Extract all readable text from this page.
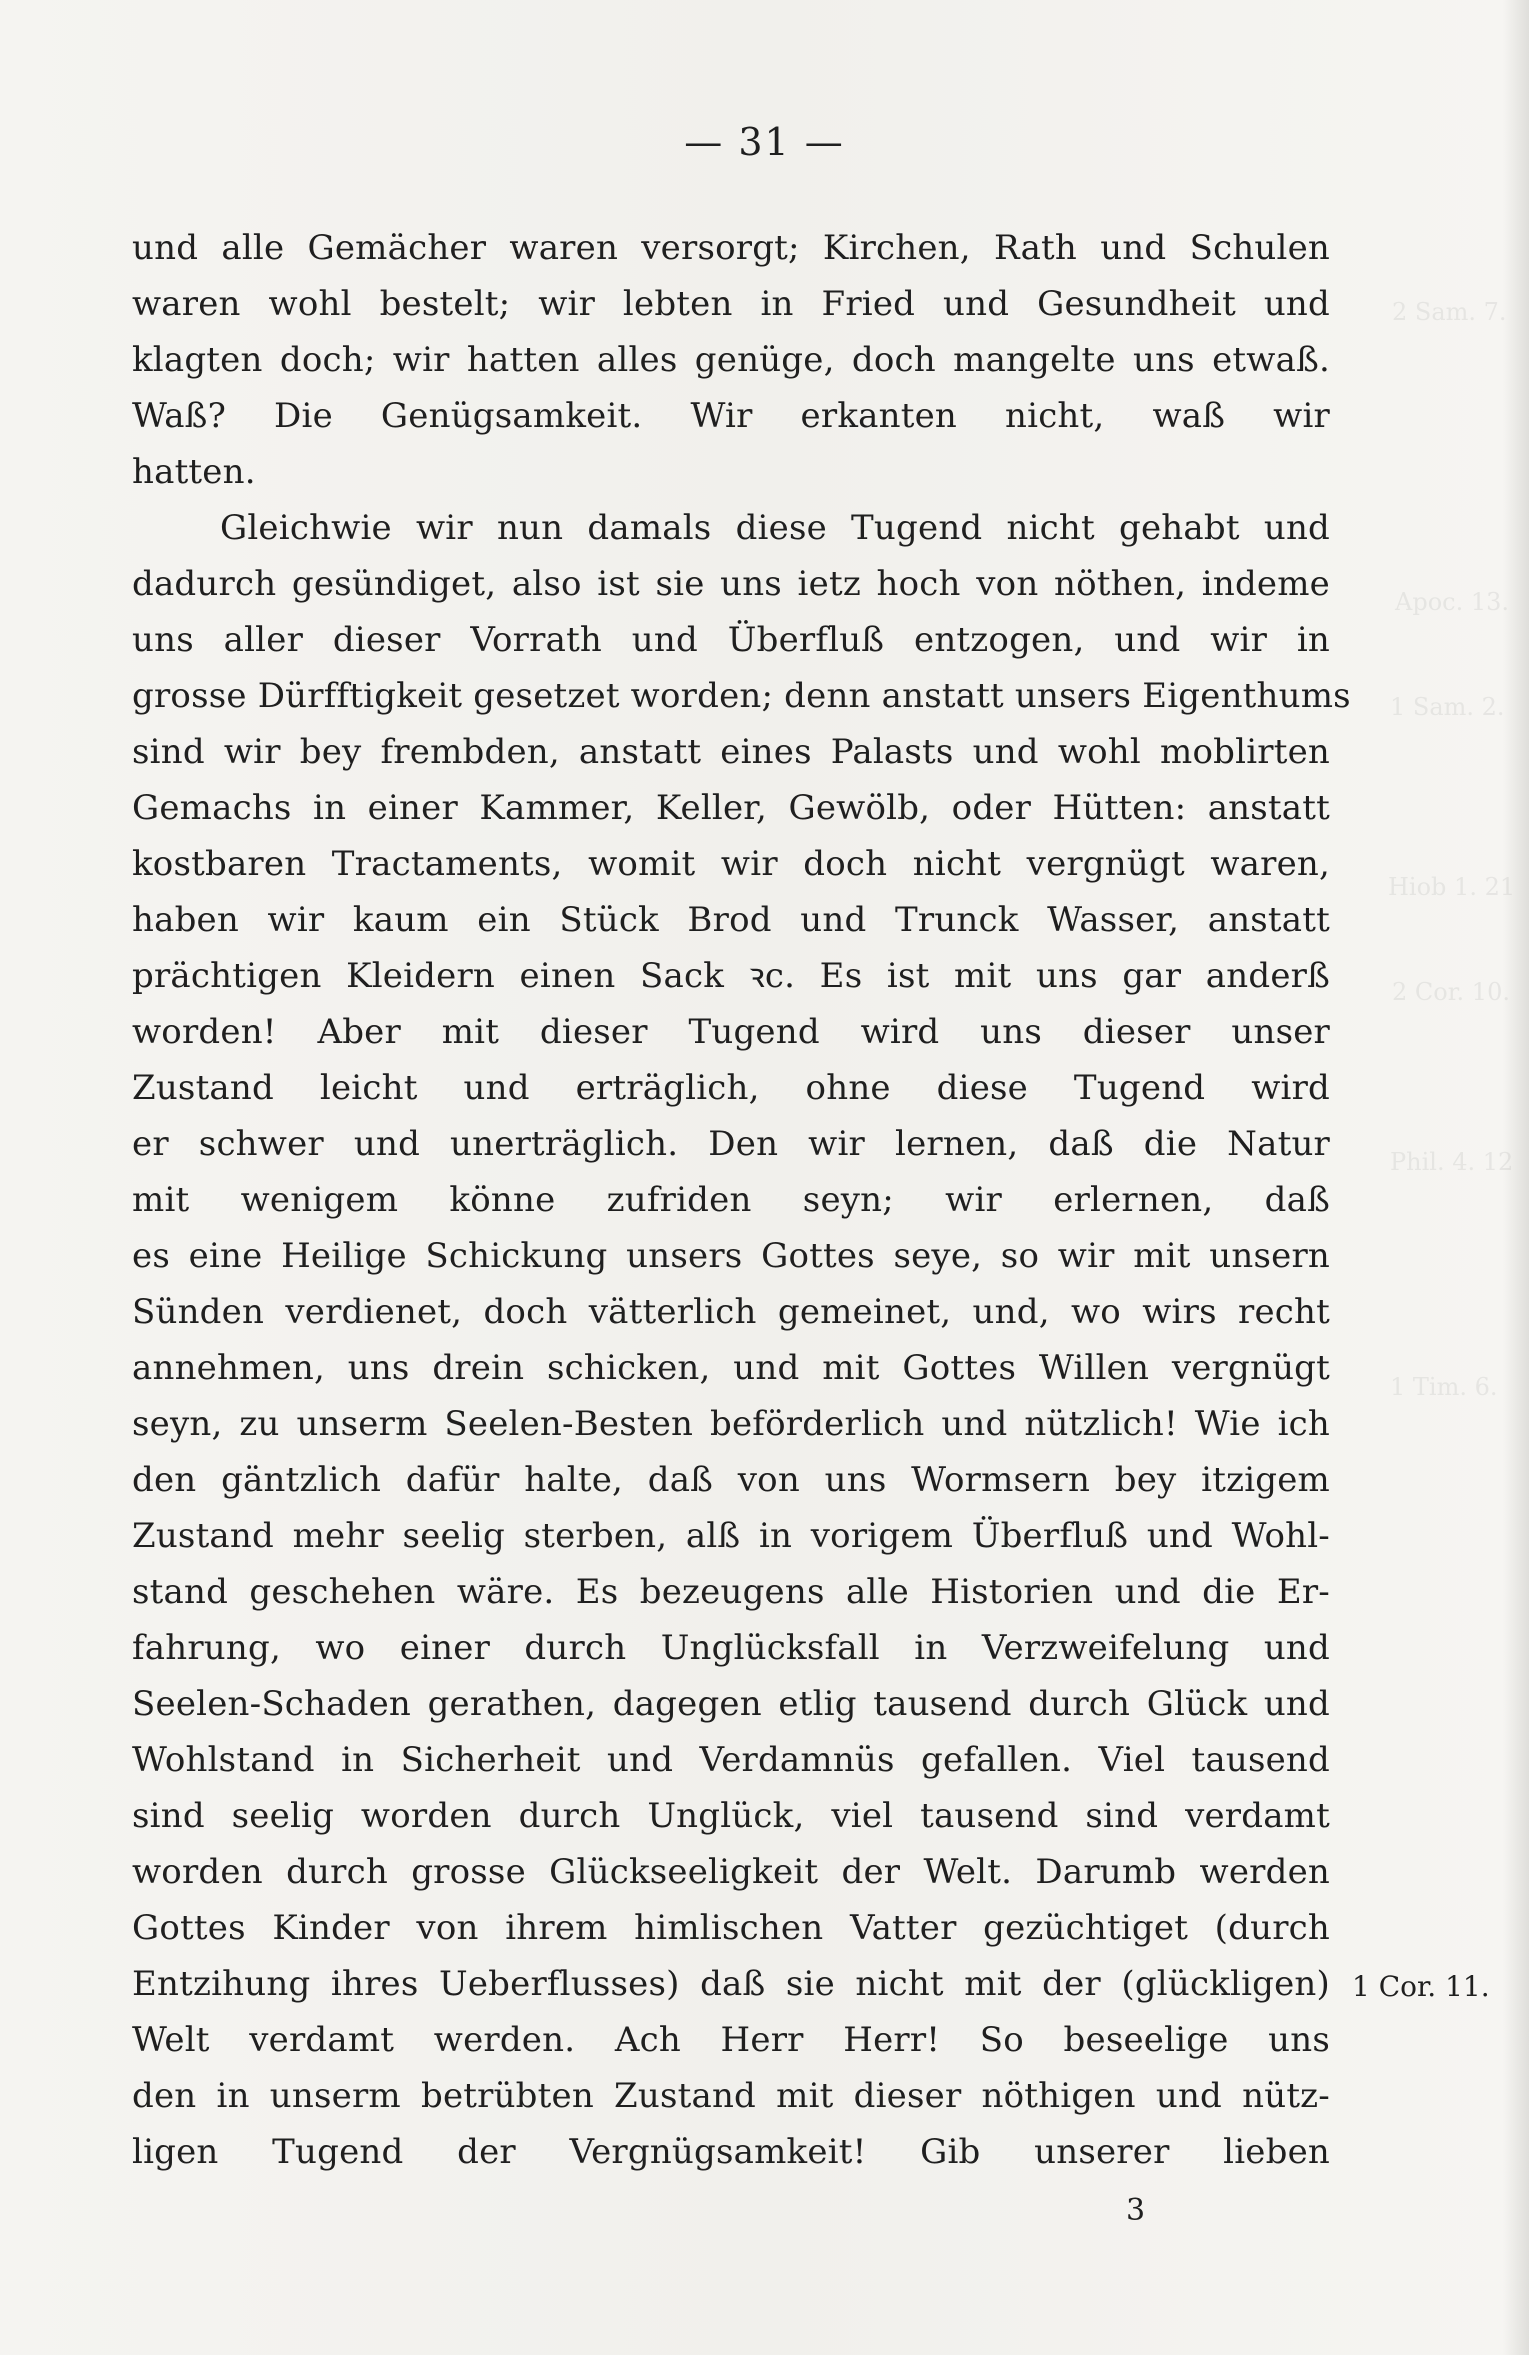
2 Sam. 7.
Apoc. 13.
1 Sam. 2.
Hiob 1. 21
2 Cor. 10.
Phil. 4. 12
1 Tim. 6.
— 31 —
und alle Gemächer waren versorgt; Kirchen, Rath und Schulen
waren wohl bestelt; wir lebten in Fried und Gesundheit und
klagten doch; wir hatten alles genüge, doch mangelte uns etwaß.
Waß? Die Genügsamkeit. Wir erkanten nicht, waß wir
hatten.
Gleichwie wir nun damals diese Tugend nicht gehabt und
dadurch gesündiget, also ist sie uns ietz hoch von nöthen, indeme
uns aller dieser Vorrath und Überfluß entzogen, und wir in
grosse Dürfftigkeit gesetzet worden; denn anstatt unsers Eigenthums
sind wir bey frembden, anstatt eines Palasts und wohl moblirten
Gemachs in einer Kammer, Keller, Gewölb, oder Hütten: anstatt
kostbaren Tractaments, womit wir doch nicht vergnügt waren,
haben wir kaum ein Stück Brod und Trunck Wasser, anstatt
prächtigen Kleidern einen Sack ꝛc. Es ist mit uns gar anderß
worden! Aber mit dieser Tugend wird uns dieser unser
Zustand leicht und erträglich, ohne diese Tugend wird
er schwer und unerträglich. Den wir lernen, daß die Natur
mit wenigem könne zufriden seyn; wir erlernen, daß
es eine Heilige Schickung unsers Gottes seye, so wir mit unsern
Sünden verdienet, doch vätterlich gemeinet, und, wo wirs recht
annehmen, uns drein schicken, und mit Gottes Willen vergnügt
seyn, zu unserm Seelen-Besten beförderlich und nützlich! Wie ich
den gäntzlich dafür halte, daß von uns Wormsern bey itzigem
Zustand mehr seelig sterben, alß in vorigem Überfluß und Wohl-
stand geschehen wäre. Es bezeugens alle Historien und die Er-
fahrung, wo einer durch Unglücksfall in Verzweifelung und
Seelen-Schaden gerathen, dagegen etlig tausend durch Glück und
Wohlstand in Sicherheit und Verdamnüs gefallen. Viel tausend
sind seelig worden durch Unglück, viel tausend sind verdamt
worden durch grosse Glückseeligkeit der Welt. Darumb werden
Gottes Kinder von ihrem himlischen Vatter gezüchtiget (durch
Entzihung ihres Ueberflusses) daß sie nicht mit der (glückligen)
Welt verdamt werden. Ach Herr Herr! So beseelige uns
den in unserm betrübten Zustand mit dieser nöthigen und nütz-
ligen Tugend der Vergnügsamkeit! Gib unserer lieben
1 Cor. 11.
3
